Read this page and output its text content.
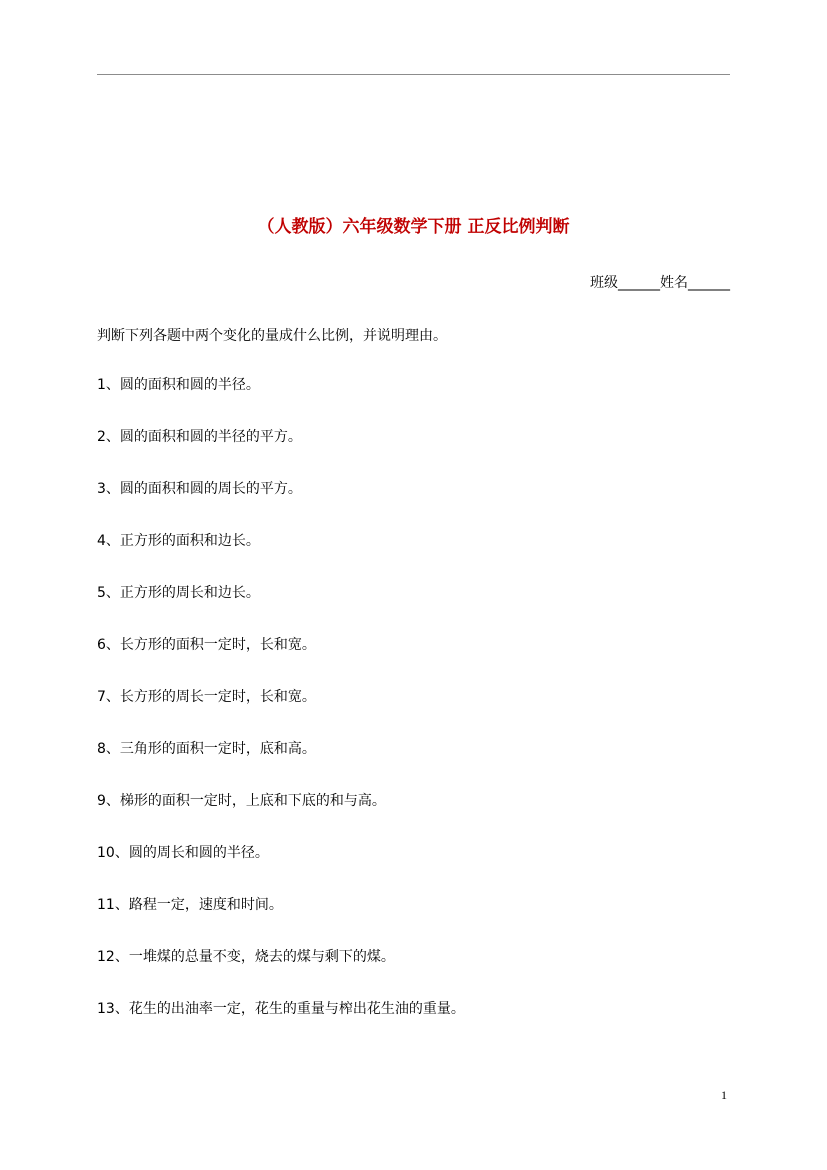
（人教版）六年级数学下册 正反比例判断
班级______姓名______
判断下列各题中两个变化的量成什么比例，并说明理由。
1、圆的面积和圆的半径。
2、圆的面积和圆的半径的平方。
3、圆的面积和圆的周长的平方。
4、正方形的面积和边长。
5、正方形的周长和边长。
6、长方形的面积一定时，长和宽。
7、长方形的周长一定时，长和宽。
8、三角形的面积一定时，底和高。
9、梯形的面积一定时，上底和下底的和与高。
10、圆的周长和圆的半径。
11、路程一定，速度和时间。
12、一堆煤的总量不变，烧去的煤与剩下的煤。
13、花生的出油率一定，花生的重量与榨出花生油的重量。
1
